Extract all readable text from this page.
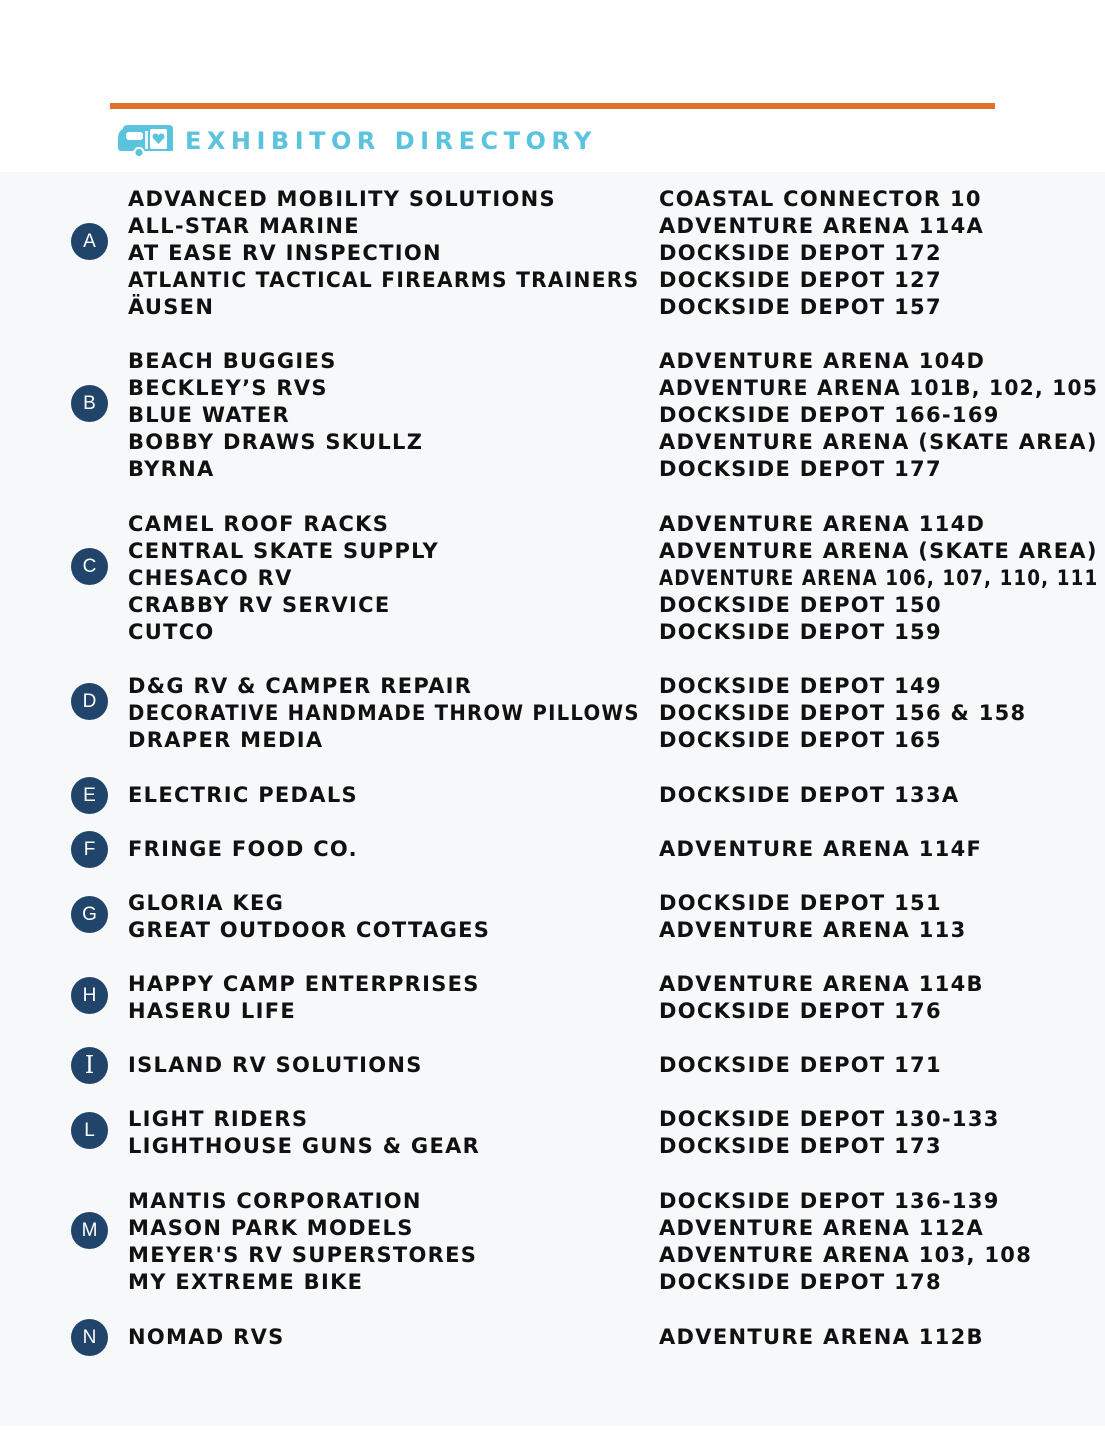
EXHIBITOR DIRECTORY
A
ADVANCED MOBILITY SOLUTIONS	COASTAL CONNECTOR 10
ALL-STAR MARINE	ADVENTURE ARENA 114A
AT EASE RV INSPECTION	DOCKSIDE DEPOT 172
ATLANTIC TACTICAL FIREARMS TRAINERS DOCKSIDE DEPOT 127
ÄUSEN	DOCKSIDE DEPOT 157
B
BEACH BUGGIES	ADVENTURE ARENA 104D
BECKLEY’S RVS	ADVENTURE ARENA 101B, 102, 105
BLUE WATER	DOCKSIDE DEPOT 166-169
BOBBY DRAWS SKULLZ	ADVENTURE ARENA (SKATE AREA)
BYRNA	DOCKSIDE DEPOT 177
C
CAMEL ROOF RACKS	ADVENTURE ARENA 114D
CENTRAL SKATE SUPPLY	ADVENTURE ARENA (SKATE AREA)
CHESACO RV	ADVENTURE ARENA 106, 107, 110, 111
CRABBY RV SERVICE	DOCKSIDE DEPOT 150
CUTCO	DOCKSIDE DEPOT 159
D
D&G RV & CAMPER REPAIR	DOCKSIDE DEPOT 149
DECORATIVE HANDMADE THROW PILLOWS DOCKSIDE DEPOT 156 & 158
DRAPER MEDIA	DOCKSIDE DEPOT 165
E	ELECTRIC PEDALS	DOCKSIDE DEPOT 133A
F	FRINGE FOOD CO.	ADVENTURE ARENA 114F
G	GLORIA KEG	DOCKSIDE DEPOT 151
GREAT OUTDOOR COTTAGES	ADVENTURE ARENA 113
H	HAPPY CAMP ENTERPRISES	ADVENTURE ARENA 114B
HASERU LIFE	DOCKSIDE DEPOT 176
I	ISLAND RV SOLUTIONS	DOCKSIDE DEPOT 171
L	LIGHT RIDERS	DOCKSIDE DEPOT 130-133
LIGHTHOUSE GUNS & GEAR	DOCKSIDE DEPOT 173
M
MANTIS CORPORATION	DOCKSIDE DEPOT 136-139
MASON PARK MODELS	ADVENTURE ARENA 112A
MEYER'S RV SUPERSTORES	ADVENTURE ARENA 103, 108
MY EXTREME BIKE	DOCKSIDE DEPOT 178
N	NOMAD RVS	ADVENTURE ARENA 112B
